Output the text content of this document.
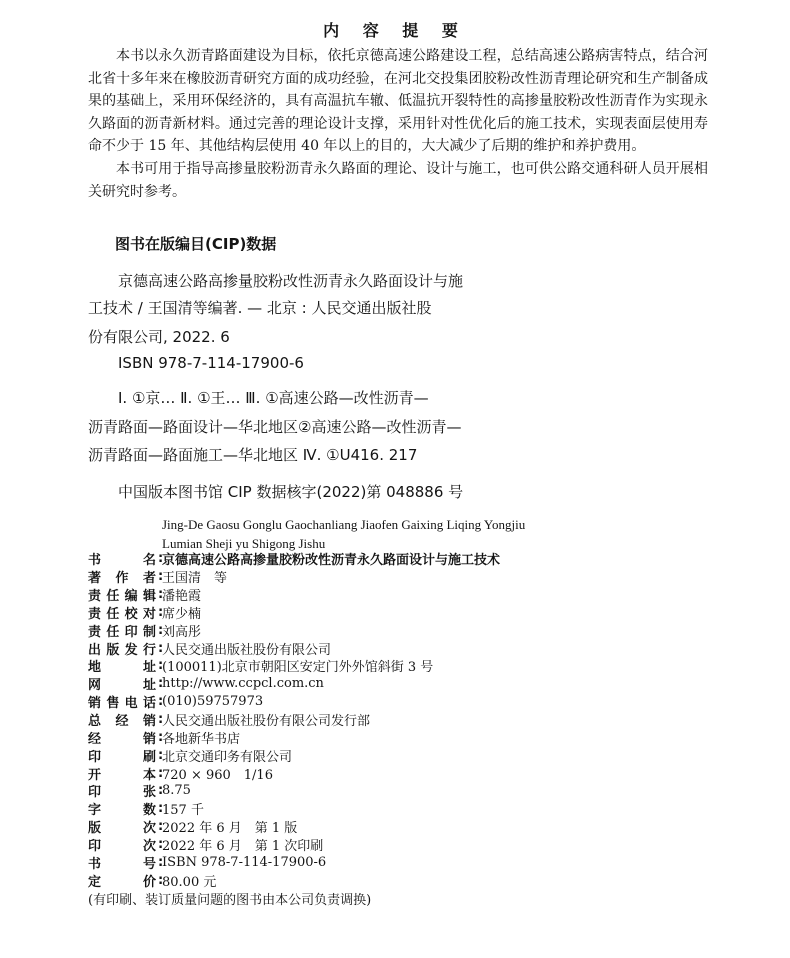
内 容 提 要

本书以永久沥青路面建设为目标，依托京德高速公路建设工程，总结高速公路病害特点，结合河北省十多年来在橡胶沥青研究方面的成功经验，在河北交投集团胶粉改性沥青理论研究和生产制备成果的基础上，采用环保经济的，具有高温抗车辙、低温抗开裂特性的高掺量胶粉改性沥青作为实现永久路面的沥青新材料。通过完善的理论设计支撑，采用针对性优化后的施工技术，实现表面层使用寿命不少于 15 年、其他结构层使用 40 年以上的目的，大大减少了后期的维护和养护费用。

本书可用于指导高掺量胶粉沥青永久路面的理论、设计与施工，也可供公路交通科研人员开展相关研究时参考。

图书在版编目(CIP)数据
京德高速公路高掺量胶粉改性沥青永久路面设计与施
工技术 / 王国清等编著. — 北京 : 人民交通出版社股
份有限公司, 2022. 6
ISBN 978-7-114-17900-6
Ⅰ. ①京… Ⅱ. ①王… Ⅲ. ①高速公路—改性沥青—
沥青路面—路面设计—华北地区②高速公路—改性沥青—
沥青路面—路面施工—华北地区 Ⅳ. ①U416. 217
中国版本图书馆 CIP 数据核字(2022)第 048886 号
Jing-De Gaosu Gonglu Gaochanliang Jiaofen Gaixing Liqing Yongjiu
Lumian Sheji yu Shigong Jishu
书	名 :
京德高速公路高掺量胶粉改性沥青永久路面设计与施工技术
著 作 者 :
王国清　等
责 任 编 辑 :
潘艳霞
责 任 校 对 :
席少楠
责 任 印 制 :
刘高彤
出 版 发 行 :
人民交通出版社股份有限公司
地	址 :
(100011)北京市朝阳区安定门外外馆斜街 3 号
网	址 :
http://www.ccpcl.com.cn
销 售 电 话 :
(010)59757973
总 经 销 :
人民交通出版社股份有限公司发行部
经	销 :
各地新华书店
印	刷 :
北京交通印务有限公司
开	本 :
720 × 960　1/16
印	张 :
8.75
字	数 :
157 千
版	次 :
2022 年 6 月　第 1 版
印	次 :
2022 年 6 月　第 1 次印刷
书	号 :
ISBN 978-7-114-17900-6
定	价 :
80.00 元
(有印刷、装订质量问题的图书由本公司负责调换)
